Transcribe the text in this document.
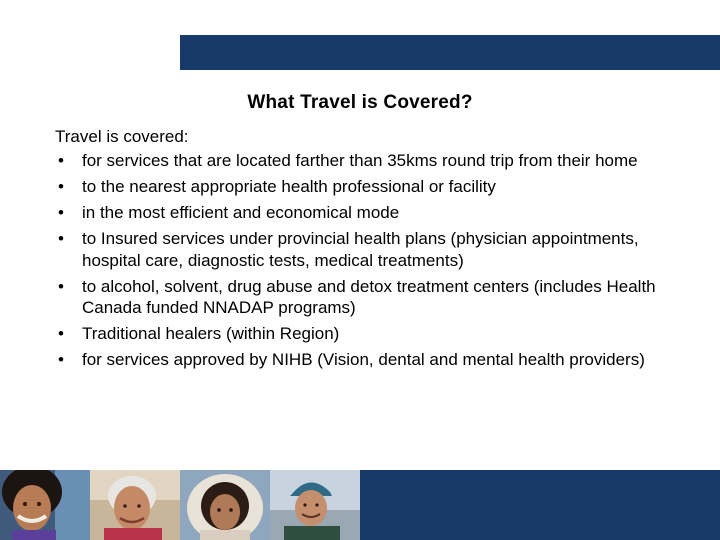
What Travel is Covered?
Travel is covered:
• for services that are located farther than 35kms round trip from their home
• to the nearest appropriate health professional or facility
• in the most efficient and economical mode
• to Insured services under provincial health plans (physician appointments, hospital care, diagnostic tests, medical treatments)
• to alcohol, solvent, drug abuse and detox treatment centers (includes Health Canada funded NNADAP programs)
• Traditional healers (within Region)
• for services approved by NIHB (Vision, dental and mental health providers)
